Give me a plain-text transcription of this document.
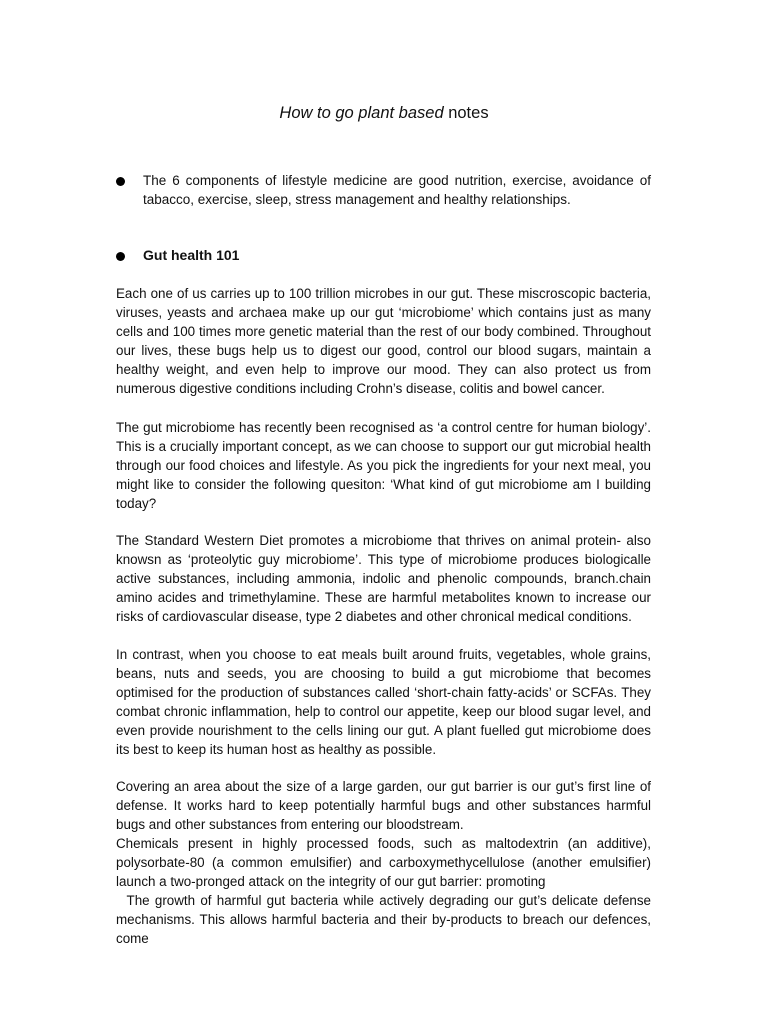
How to go plant based notes
The 6 components of lifestyle medicine are good nutrition, exercise, avoidance of tabacco, exercise, sleep, stress management and healthy relationships.
Gut health 101

Each one of us carries up to 100 trillion microbes in our gut. These miscroscopic bacteria, viruses, yeasts and archaea make up our gut ‘microbiome’ which contains just as many cells and 100 times more genetic material than the rest of our body combined. Throughout our lives, these bugs help us to digest our good, control our blood sugars, maintain a healthy weight, and even help to improve our mood. They can also protect us from numerous digestive conditions including Crohn’s disease, colitis and bowel cancer.

The gut microbiome has recently been recognised as ‘a control centre for human biology’. This is a crucially important concept, as we can choose to support our gut microbial health through our food choices and lifestyle. As you pick the ingredients for your next meal, you might like to consider the following quesiton: ‘What kind of gut microbiome am I building today?

The Standard Western Diet promotes a microbiome that thrives on animal protein- also knowsn as ‘proteolytic guy microbiome’. This type of microbiome produces biologicalle active substances, including ammonia, indolic and phenolic compounds, branch.chain amino acides and trimethylamine. These are harmful metabolites known to increase our risks of cardiovascular disease, type 2 diabetes and other chronical medical conditions.

In contrast, when you choose to eat meals built around fruits, vegetables, whole grains, beans, nuts and seeds, you are choosing to build a gut microbiome that becomes optimised for the production of substances called ‘short-chain fatty-acids’ or SCFAs. They combat chronic inflammation, help to control our appetite, keep our blood sugar level, and even provide nourishment to the cells lining our gut. A plant fuelled gut microbiome does its best to keep its human host as healthy as possible.

Covering an area about the size of a large garden, our gut barrier is our gut’s first line of defense. It works hard to keep potentially harmful bugs and other substances harmful bugs and other substances from entering our bloodstream.

Chemicals present in highly processed foods, such as maltodextrin (an additive), polysorbate-80 (a common emulsifier) and carboxymethycellulose (another emulsifier) launch a two-pronged attack on the integrity of our gut barrier: promoting

The growth of harmful gut bacteria while actively degrading our gut’s delicate defense mechanisms. This allows harmful bacteria and their by-products to breach our defences, come
